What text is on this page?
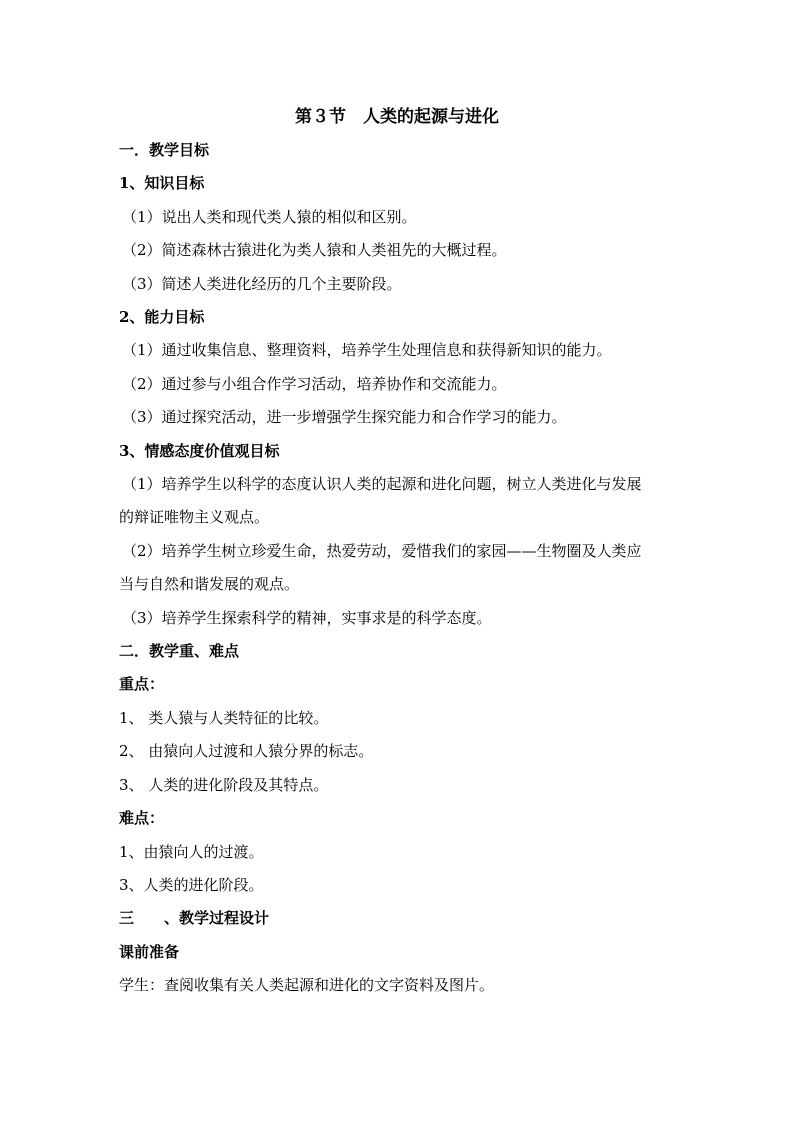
第３节　人类的起源与进化
一．教学目标
1、知识目标
（1）说出人类和现代类人猿的相似和区别。
（2）简述森林古猿进化为类人猿和人类祖先的大概过程。
（3）简述人类进化经历的几个主要阶段。
2、能力目标
（1）通过收集信息、整理资料，培养学生处理信息和获得新知识的能力。
（2）通过参与小组合作学习活动，培养协作和交流能力。
（3）通过探究活动，进一步增强学生探究能力和合作学习的能力。
3、情感态度价值观目标
（1）培养学生以科学的态度认识人类的起源和进化问题，树立人类进化与发展
的辩证唯物主义观点。
（2）培养学生树立珍爱生命，热爱劳动，爱惜我们的家园——生物圈及人类应
当与自然和谐发展的观点。
（3）培养学生探索科学的精神，实事求是的科学态度。
二．教学重、难点
重点：
1、 类人猿与人类特征的比较。
2、 由猿向人过渡和人猿分界的标志。
3、 人类的进化阶段及其特点。
难点：
1、由猿向人的过渡。
3、人类的进化阶段。
三　　、教学过程设计
课前准备
学生：查阅收集有关人类起源和进化的文字资料及图片。
